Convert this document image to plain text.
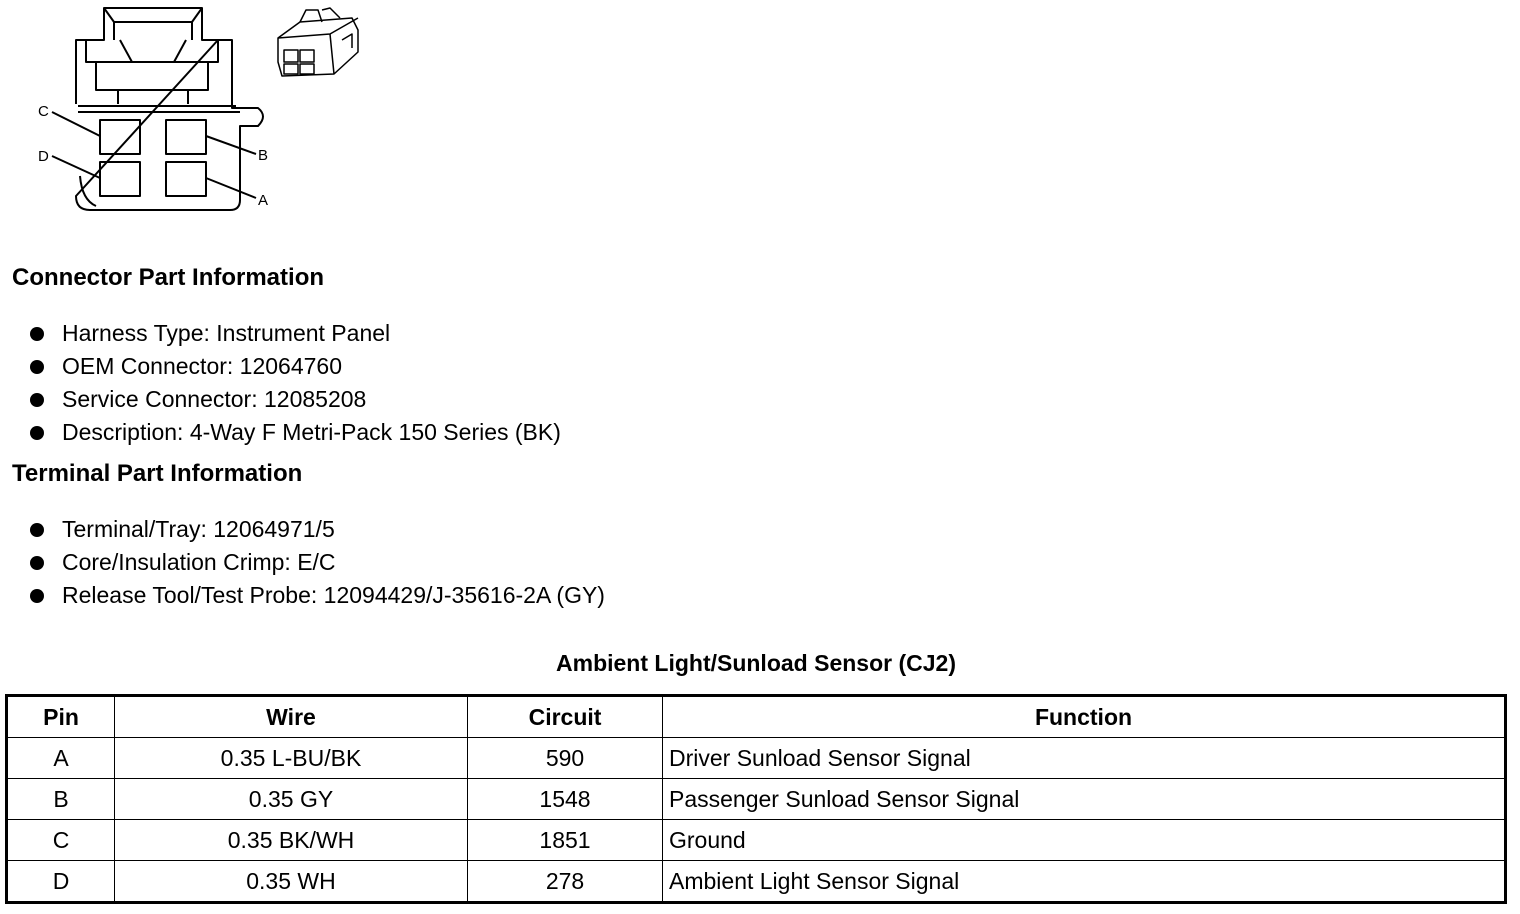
C
D	B
A
Connector Part Information
Harness Type: Instrument Panel
OEM Connector: 12064760
Service Connector: 12085208
Description: 4-Way F Metri-Pack 150 Series (BK)
Terminal Part Information
Terminal/Tray: 12064971/5
Core/Insulation Crimp: E/C
Release Tool/Test Probe: 12094429/J-35616-2A (GY)
Ambient Light/Sunload Sensor (CJ2)
Pin	Wire	Circuit	Function
A	0.35 L-BU/BK	590	Driver Sunload Sensor Signal
B	0.35 GY	1548	Passenger Sunload Sensor Signal
C	0.35 BK/WH	1851	Ground
D	0.35 WH	278	Ambient Light Sensor Signal
